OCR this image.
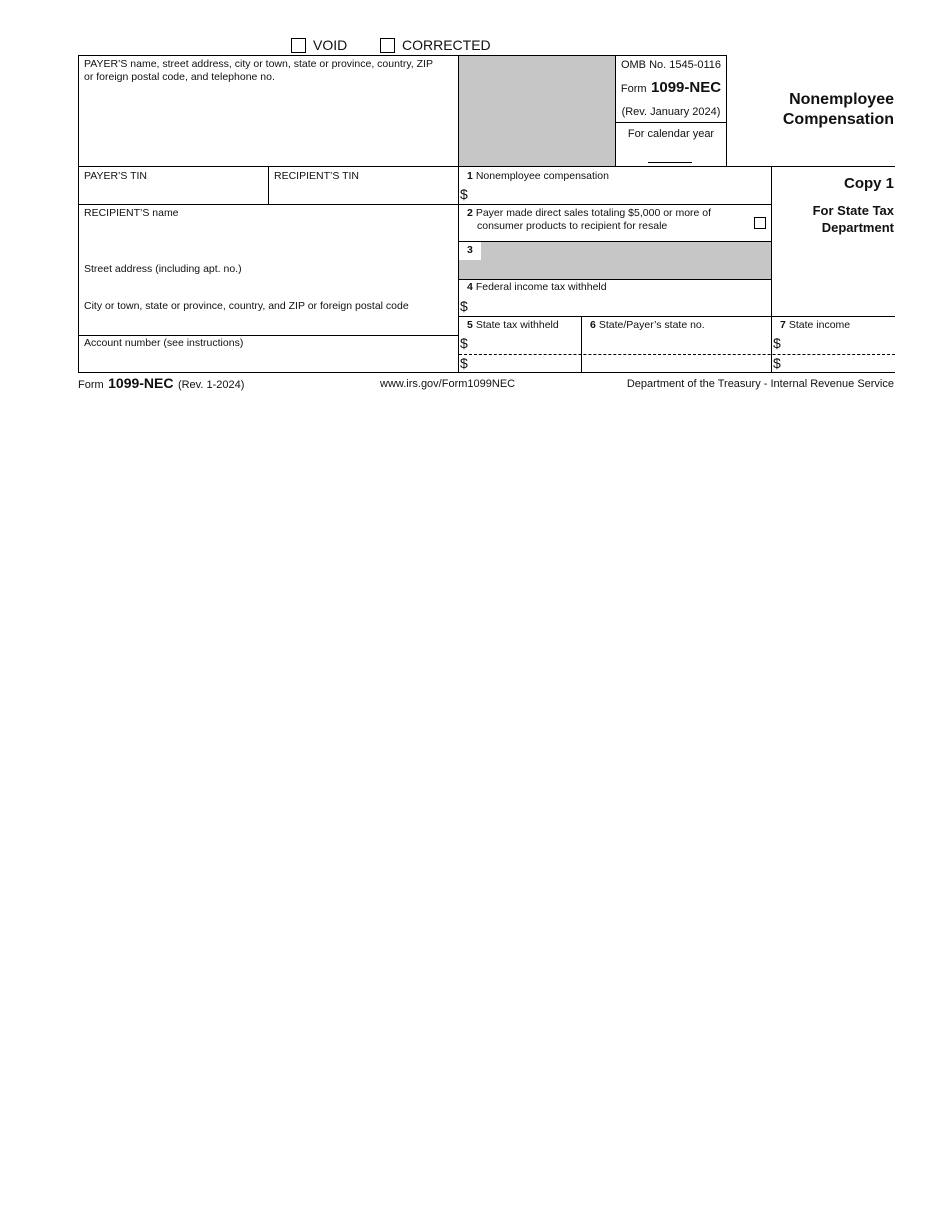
VOID	CORRECTED
PAYER’S name, street address, city or town, state or province, country, ZIP
or foreign postal code, and telephone no.
OMB No. 1545-0116
Form 1099-NEC
(Rev. January 2024)
For calendar year
Nonemployee
Compensation
Copy 1
For State Tax
Department
PAYER’S TIN	RECIPIENT’S TIN
RECIPIENT’S name
Street address (including apt. no.)
City or town, state or province, country, and ZIP or foreign postal code
Account number (see instructions)
1 Nonemployee compensation
$
2 Payer made direct sales totaling $5,000 or more of
consumer products to recipient for resale
3
4 Federal income tax withheld
$
5 State tax withheld
$
$
6 State/Payer’s state no.	7 State income
$
$
Form 1099-NEC (Rev. 1-2024)	www.irs.gov/Form1099NEC	Department of the Treasury - Internal Revenue Service
